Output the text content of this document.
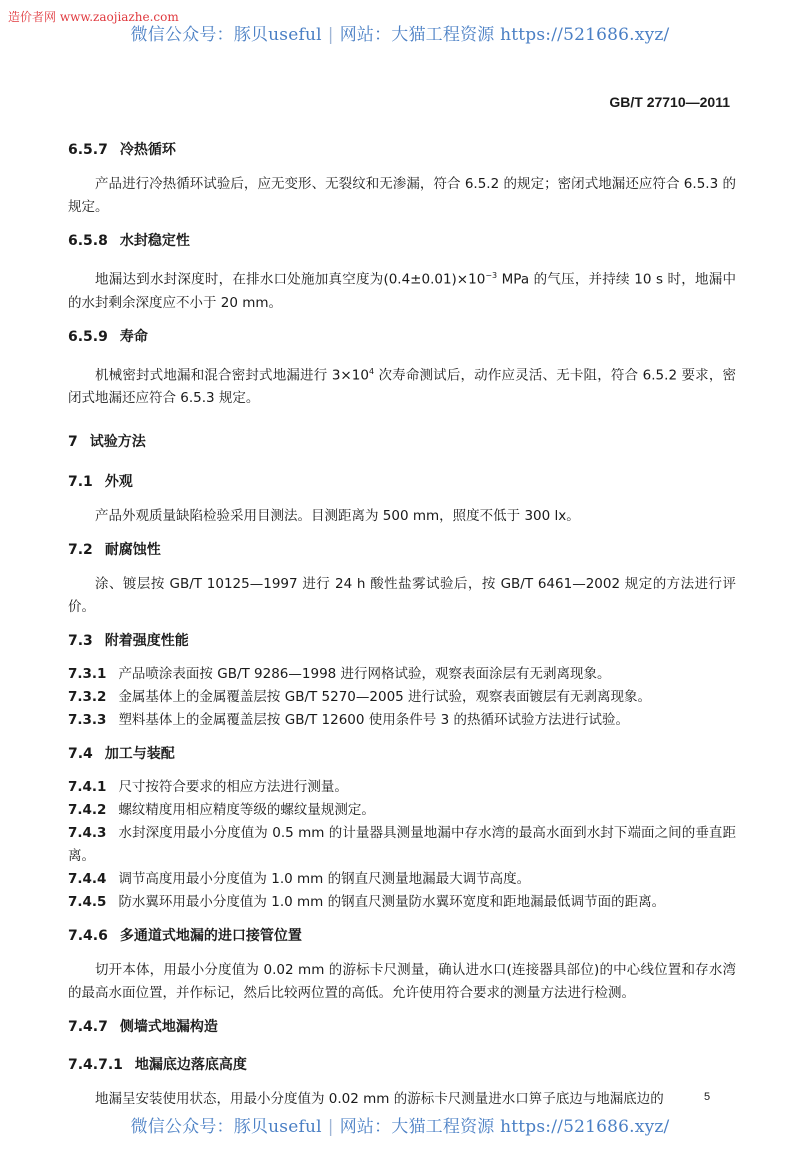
造价者网 www.zaojiazhe.com
微信公众号：豚贝useful | 网站：大猫工程资源 https://521686.xyz/
GB/T 27710—2011
6.5.7 冷热循环

产品进行冷热循环试验后，应无变形、无裂纹和无渗漏，符合 6.5.2 的规定；密闭式地漏还应符合 6.5.3 的规定。

6.5.8 水封稳定性

地漏达到水封深度时，在排水口处施加真空度为$(0.4\pm 0.01)\times 10^{-3}$ MPa 的气压，并持续 10 s 时，地漏中的水封剩余深度应不小于 20 mm。

6.5.9 寿命

机械密封式地漏和混合密封式地漏进行 $3\times 10^4$ 次寿命测试后，动作应灵活、无卡阻，符合 6.5.2 要求，密闭式地漏还应符合 6.5.3 规定。

7 试验方法
7.1 外观

产品外观质量缺陷检验采用目测法。目测距离为 500 mm，照度不低于 300 lx。

7.2 耐腐蚀性

涂、镀层按 GB/T 10125—1997 进行 24 h 酸性盐雾试验后，按 GB/T 6461—2002 规定的方法进行评价。

7.3 附着强度性能

7.3.1 产品喷涂表面按 GB/T 9286—1998 进行网格试验，观察表面涂层有无剥离现象。

7.3.2 金属基体上的金属覆盖层按 GB/T 5270—2005 进行试验，观察表面镀层有无剥离现象。

7.3.3 塑料基体上的金属覆盖层按 GB/T 12600 使用条件号 3 的热循环试验方法进行试验。

7.4 加工与装配

7.4.1 尺寸按符合要求的相应方法进行测量。

7.4.2 螺纹精度用相应精度等级的螺纹量规测定。

7.4.3 水封深度用最小分度值为 0.5 mm 的计量器具测量地漏中存水湾的最高水面到水封下端面之间的垂直距离。

7.4.4 调节高度用最小分度值为 1.0 mm 的钢直尺测量地漏最大调节高度。

7.4.5 防水翼环用最小分度值为 1.0 mm 的钢直尺测量防水翼环宽度和距地漏最低调节面的距离。

7.4.6 多通道式地漏的进口接管位置

切开本体，用最小分度值为 0.02 mm 的游标卡尺测量，确认进水口(连接器具部位)的中心线位置和存水湾的最高水面位置，并作标记，然后比较两位置的高低。允许使用符合要求的测量方法进行检测。

7.4.7 侧墙式地漏构造
7.4.7.1 地漏底边落底高度

地漏呈安装使用状态，用最小分度值为 0.02 mm 的游标卡尺测量进水口箅子底边与地漏底边的	5
微信公众号：豚贝useful | 网站：大猫工程资源 https://521686.xyz/
